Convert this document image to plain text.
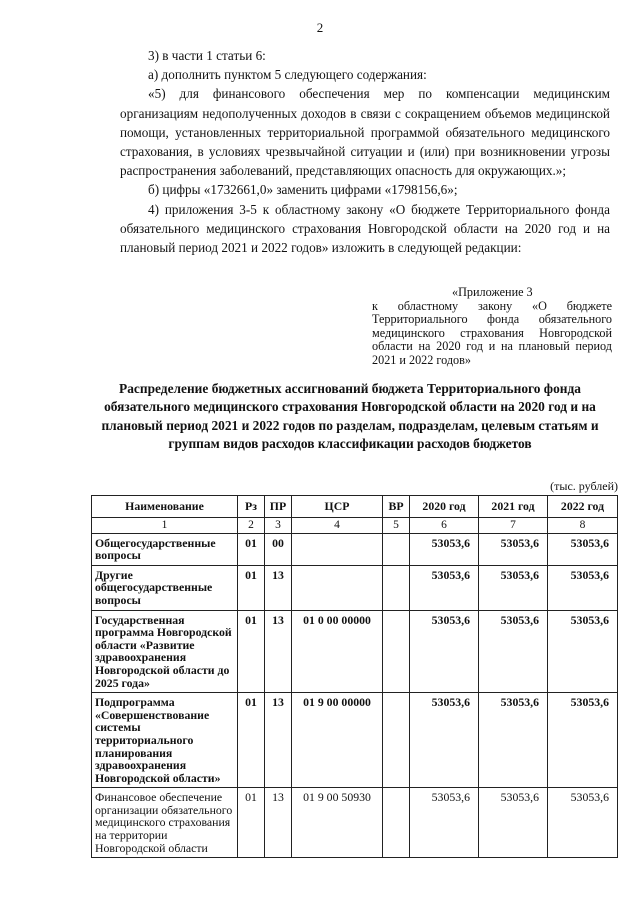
2

3) в части 1 статьи 6:

а) дополнить пунктом 5 следующего содержания:

«5) для финансового обеспечения мер по компенсации медицинским организациям недополученных доходов в связи с сокращением объемов медицинской помощи, установленных территориальной программой обязательного медицинского страхования, в условиях чрезвычайной ситуации и (или) при возникновении угрозы распространения заболеваний, представляющих опасность для окружающих.»;

б) цифры «1732661,0» заменить цифрами «1798156,6»;

4) приложения 3-5 к областному закону «О бюджете Территориального фонда обязательного медицинского страхования Новгородской области на 2020 год и на плановый период 2021 и 2022 годов» изложить в следующей редакции:

«Приложение 3
к областному закону «О бюджете Территориального фонда обязательного медицинского страхования Новгородской области на 2020 год и на плановый период 2021 и 2022 годов»
Распределение бюджетных ассигнований бюджета Территориального фонда обязательного медицинского страхования Новгородской области на 2020 год и на плановый период 2021 и 2022 годов по разделам, подразделам, целевым статьям и группам видов расходов классификации расходов бюджетов
(тыс. рублей)
Наименование	Рз	ПР	ЦСР	ВР	2020 год	2021 год	2022 год
1	2	3	4	5	6	7	8
Общегосударственные вопросы	01	00			53053,6	53053,6	53053,6
Другие общегосударственные вопросы	01	13			53053,6	53053,6	53053,6
Государственная программа Новгородской области «Развитие здравоохранения Новгородской области до 2025 года»	01	13	01 0 00 00000		53053,6	53053,6	53053,6
Подпрограмма «Совершенствование системы территориального планирования здравоохранения Новгородской области»	01	13	01 9 00 00000		53053,6	53053,6	53053,6
Финансовое обеспечение организации обязательного медицинского страхования на территории Новгородской области	01	13	01 9 00 50930		53053,6	53053,6	53053,6
